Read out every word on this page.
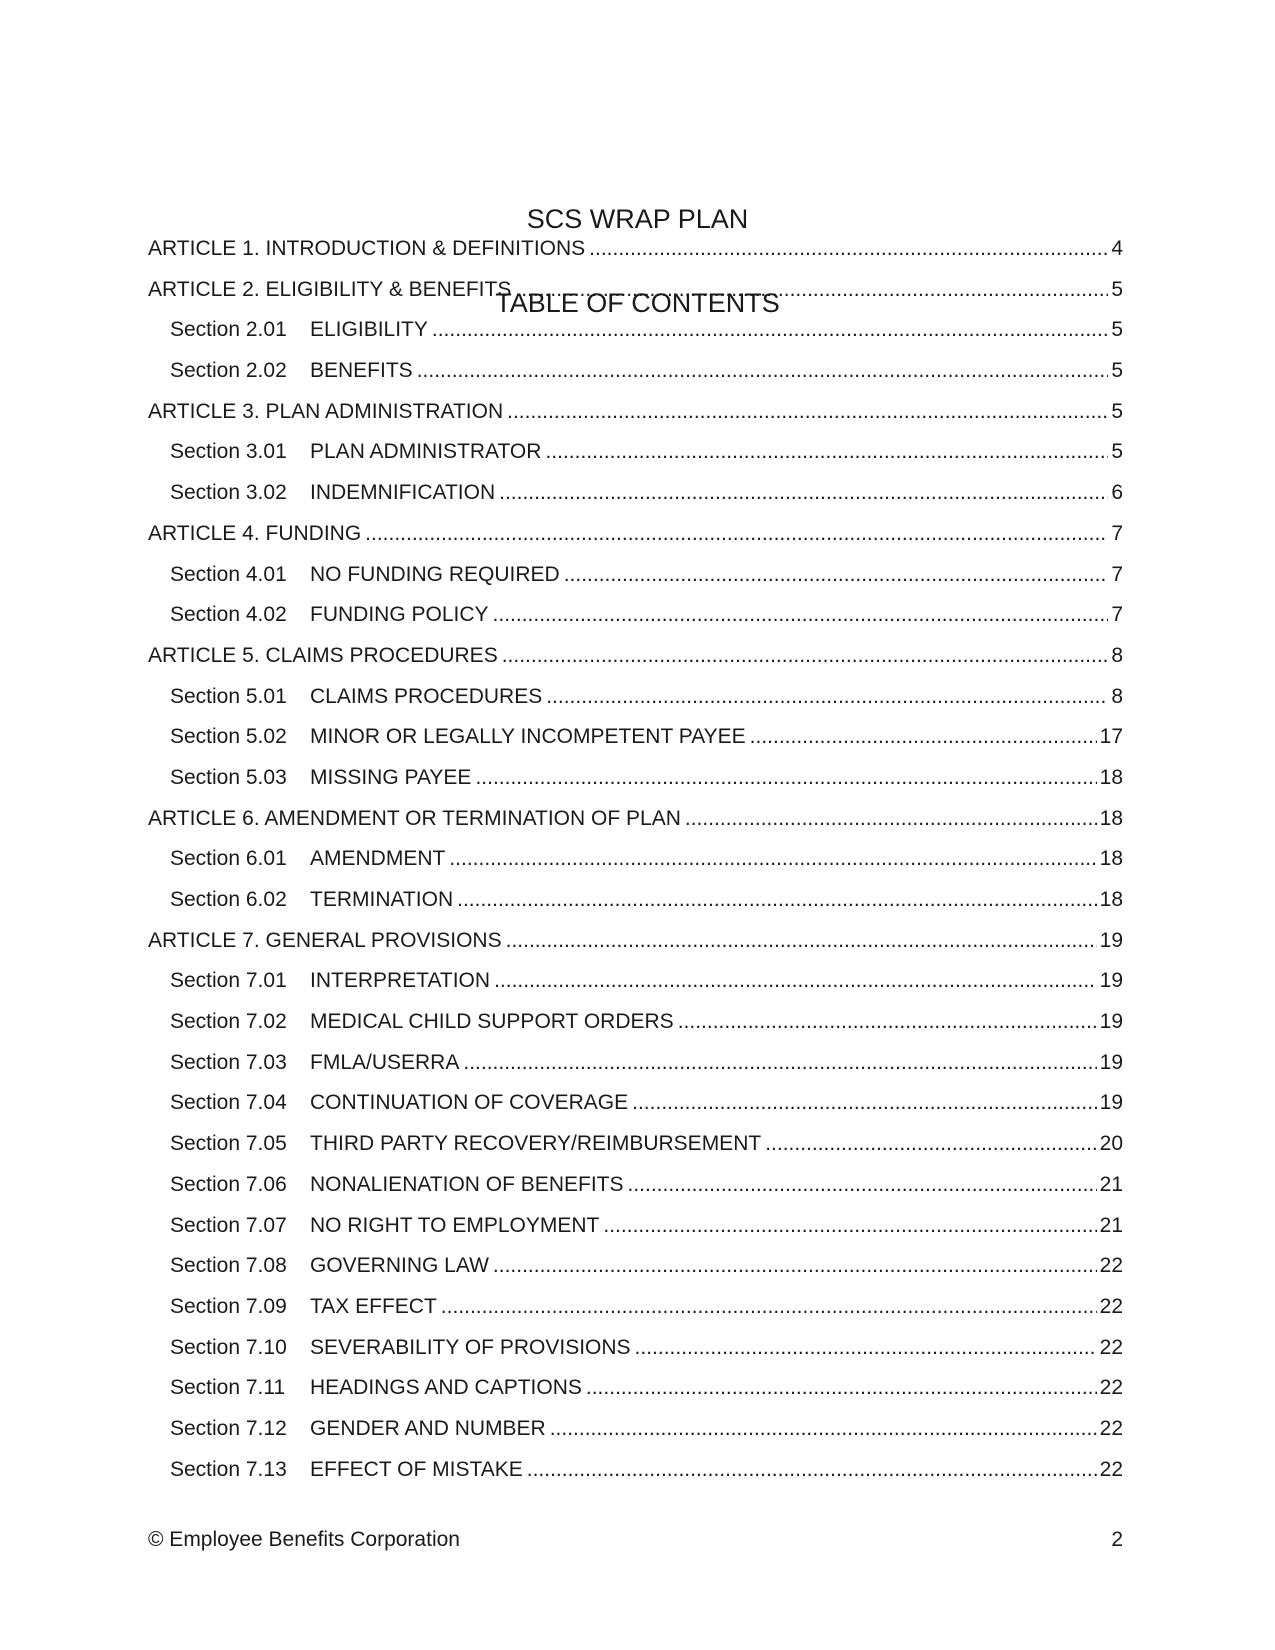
SCS WRAP PLAN

TABLE OF CONTENTS

ARTICLE 1. INTRODUCTION & DEFINITIONS .....	4
ARTICLE 2. ELIGIBILITY & BENEFITS .....	5
Section 2.01	ELIGIBILITY .....	5
Section 2.02	BENEFITS .....	5
ARTICLE 3. PLAN ADMINISTRATION .....	5
Section 3.01	PLAN ADMINISTRATOR .....	5
Section 3.02	INDEMNIFICATION .....	6
ARTICLE 4. FUNDING .....	7
Section 4.01	NO FUNDING REQUIRED .....	7
Section 4.02	FUNDING POLICY .....	7
ARTICLE 5. CLAIMS PROCEDURES .....	8
Section 5.01	CLAIMS PROCEDURES .....	8
Section 5.02	MINOR OR LEGALLY INCOMPETENT PAYEE .....	17
Section 5.03	MISSING PAYEE .....	18
ARTICLE 6. AMENDMENT OR TERMINATION OF PLAN .....	18
Section 6.01	AMENDMENT .....	18
Section 6.02	TERMINATION .....	18
ARTICLE 7. GENERAL PROVISIONS .....	19
Section 7.01	INTERPRETATION .....	19
Section 7.02	MEDICAL CHILD SUPPORT ORDERS .....	19
Section 7.03	FMLA/USERRA .....	19
Section 7.04	CONTINUATION OF COVERAGE .....	19
Section 7.05	THIRD PARTY RECOVERY/REIMBURSEMENT .....	20
Section 7.06	NONALIENATION OF BENEFITS .....	21
Section 7.07	NO RIGHT TO EMPLOYMENT .....	21
Section 7.08	GOVERNING LAW .....	22
Section 7.09	TAX EFFECT .....	22
Section 7.10	SEVERABILITY OF PROVISIONS .....	22
Section 7.11	HEADINGS AND CAPTIONS .....	22
Section 7.12	GENDER AND NUMBER .....	22
Section 7.13	EFFECT OF MISTAKE .....	22
© Employee Benefits Corporation	2
